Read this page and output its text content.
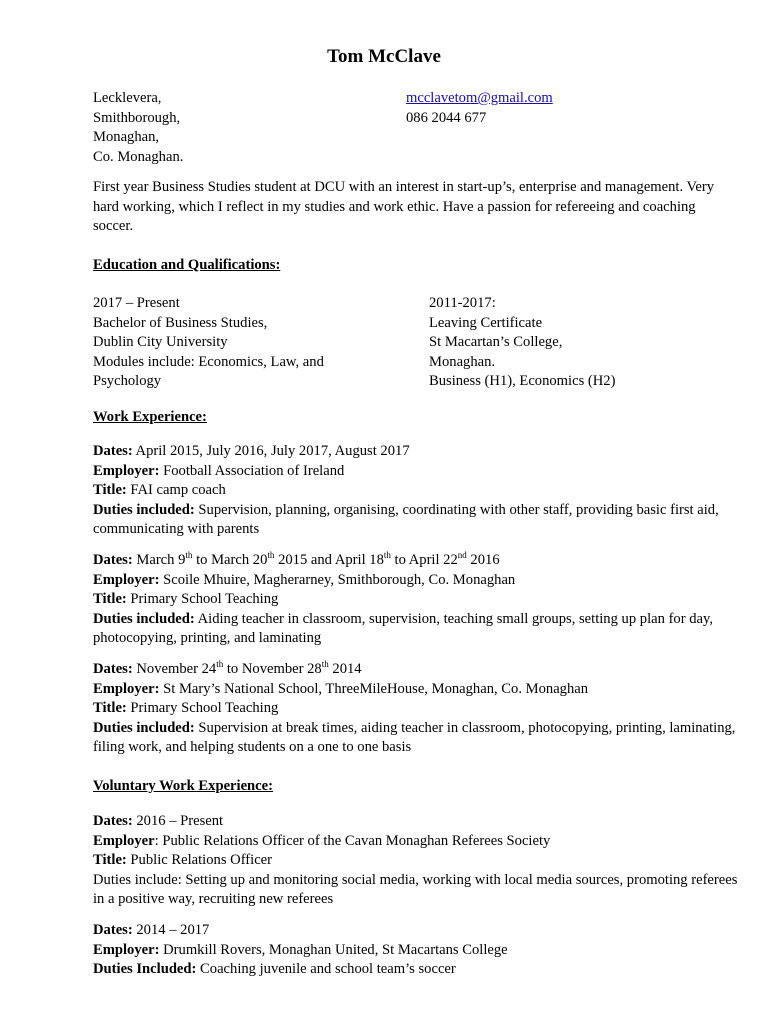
Tom McClave
Lecklevera,
Smithborough,
Monaghan,
Co. Monaghan.
mcclavetom@gmail.com
086 2044 677
First year Business Studies student at DCU with an interest in start-up’s, enterprise and management. Very hard working, which I reflect in my studies and work ethic. Have a passion for refereeing and coaching soccer.
Education and Qualifications:
2017 – Present
Bachelor of Business Studies,
Dublin City University
Modules include: Economics, Law, and
Psychology
2011-2017:
Leaving Certificate
St Macartan’s College,
Monaghan.
Business (H1), Economics (H2)
Work Experience:
Dates: April 2015, July 2016, July 2017, August 2017
Employer: Football Association of Ireland
Title: FAI camp coach
Duties included: Supervision, planning, organising, coordinating with other staff, providing basic first aid, communicating with parents
Dates: March 9th to March 20th 2015 and April 18th to April 22nd 2016
Employer: Scoile Mhuire, Magherarney, Smithborough, Co. Monaghan
Title: Primary School Teaching
Duties included: Aiding teacher in classroom, supervision, teaching small groups, setting up plan for day, photocopying, printing, and laminating
Dates: November 24th to November 28th 2014
Employer: St Mary’s National School, ThreeMileHouse, Monaghan, Co. Monaghan
Title: Primary School Teaching
Duties included: Supervision at break times, aiding teacher in classroom, photocopying, printing, laminating, filing work, and helping students on a one to one basis
Voluntary Work Experience:
Dates: 2016 – Present
Employer: Public Relations Officer of the Cavan Monaghan Referees Society
Title: Public Relations Officer
Duties include: Setting up and monitoring social media, working with local media sources, promoting referees in a positive way, recruiting new referees
Dates: 2014 – 2017
Employer: Drumkill Rovers, Monaghan United, St Macartans College
Duties Included: Coaching juvenile and school team’s soccer
